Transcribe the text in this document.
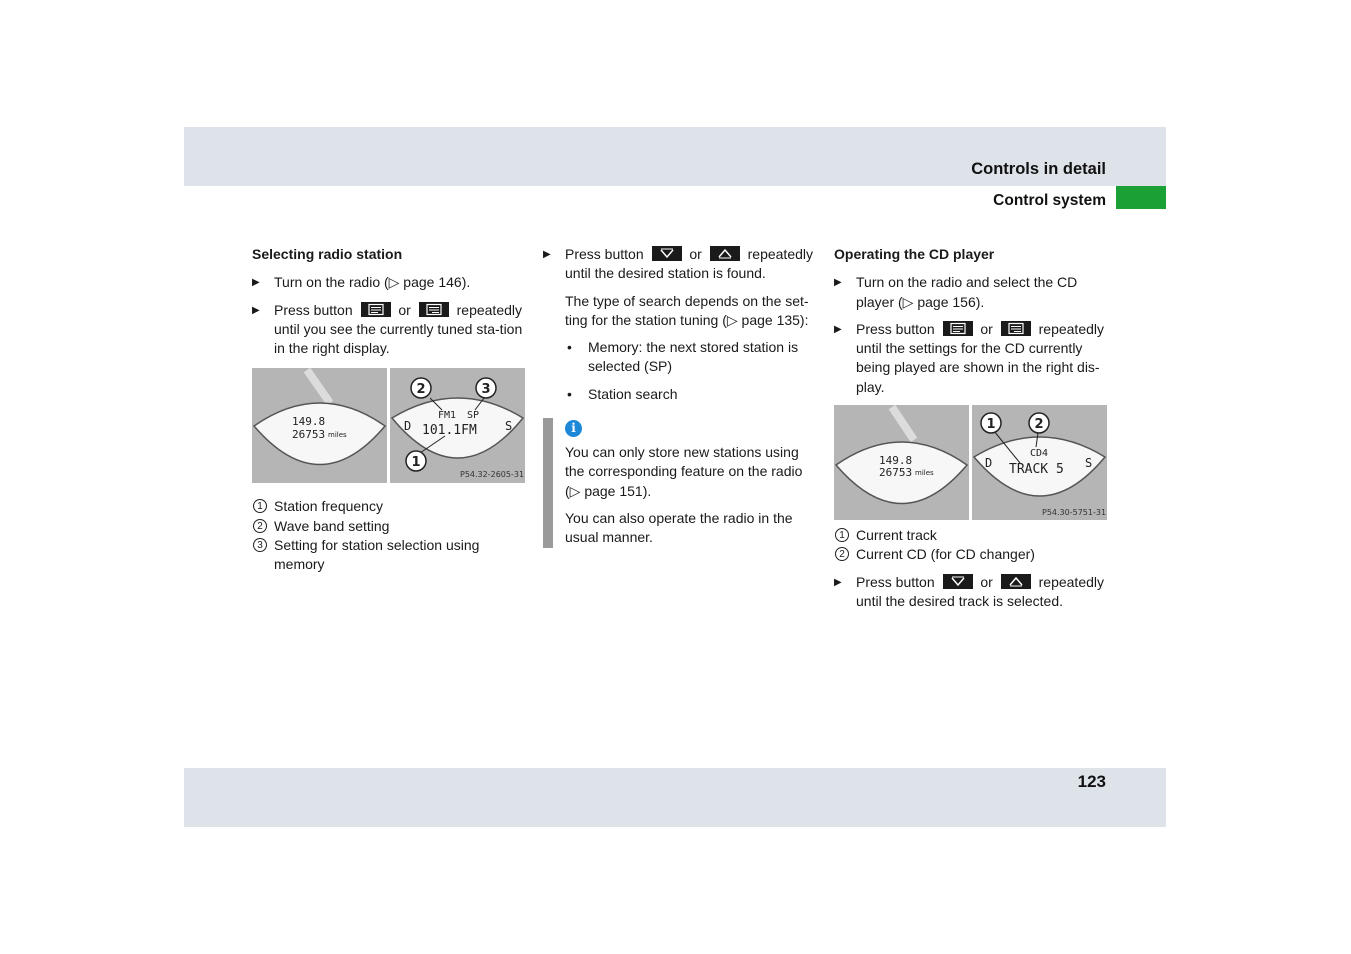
Controls in detail
Control system

Selecting radio station

▶ Turn on the radio (▷ page 146).

▶ Press button	or	repeatedly until you see the currently tuned sta-tion in the right display.

149.8
26753 miles
2	3
1
FM1 SP
101.1FM
D	S
P54.32-2605-31

1 Station frequency

2 Wave band setting

3 Setting for station selection using memory

▶ Press button	or	repeatedly until the desired station is found.

The type of search depends on the set-ting for the station tuning (▷ page 135):

• Memory: the next stored station is selected (SP)

• Station search

i

You can only store new stations using the corresponding feature on the radio (▷ page 151).

You can also operate the radio in the usual manner.

Operating the CD player

▶ Turn on the radio and select the CD player (▷ page 156).

▶ Press button	or	repeatedly until the settings for the CD currently being played are shown in the right dis-play.

149.8
26753 miles
1	2
CD4
TRACK 5
D	S
P54.30-5751-31

1 Current track

2 Current CD (for CD changer)

▶ Press button	or	repeatedly until the desired track is selected.

123
